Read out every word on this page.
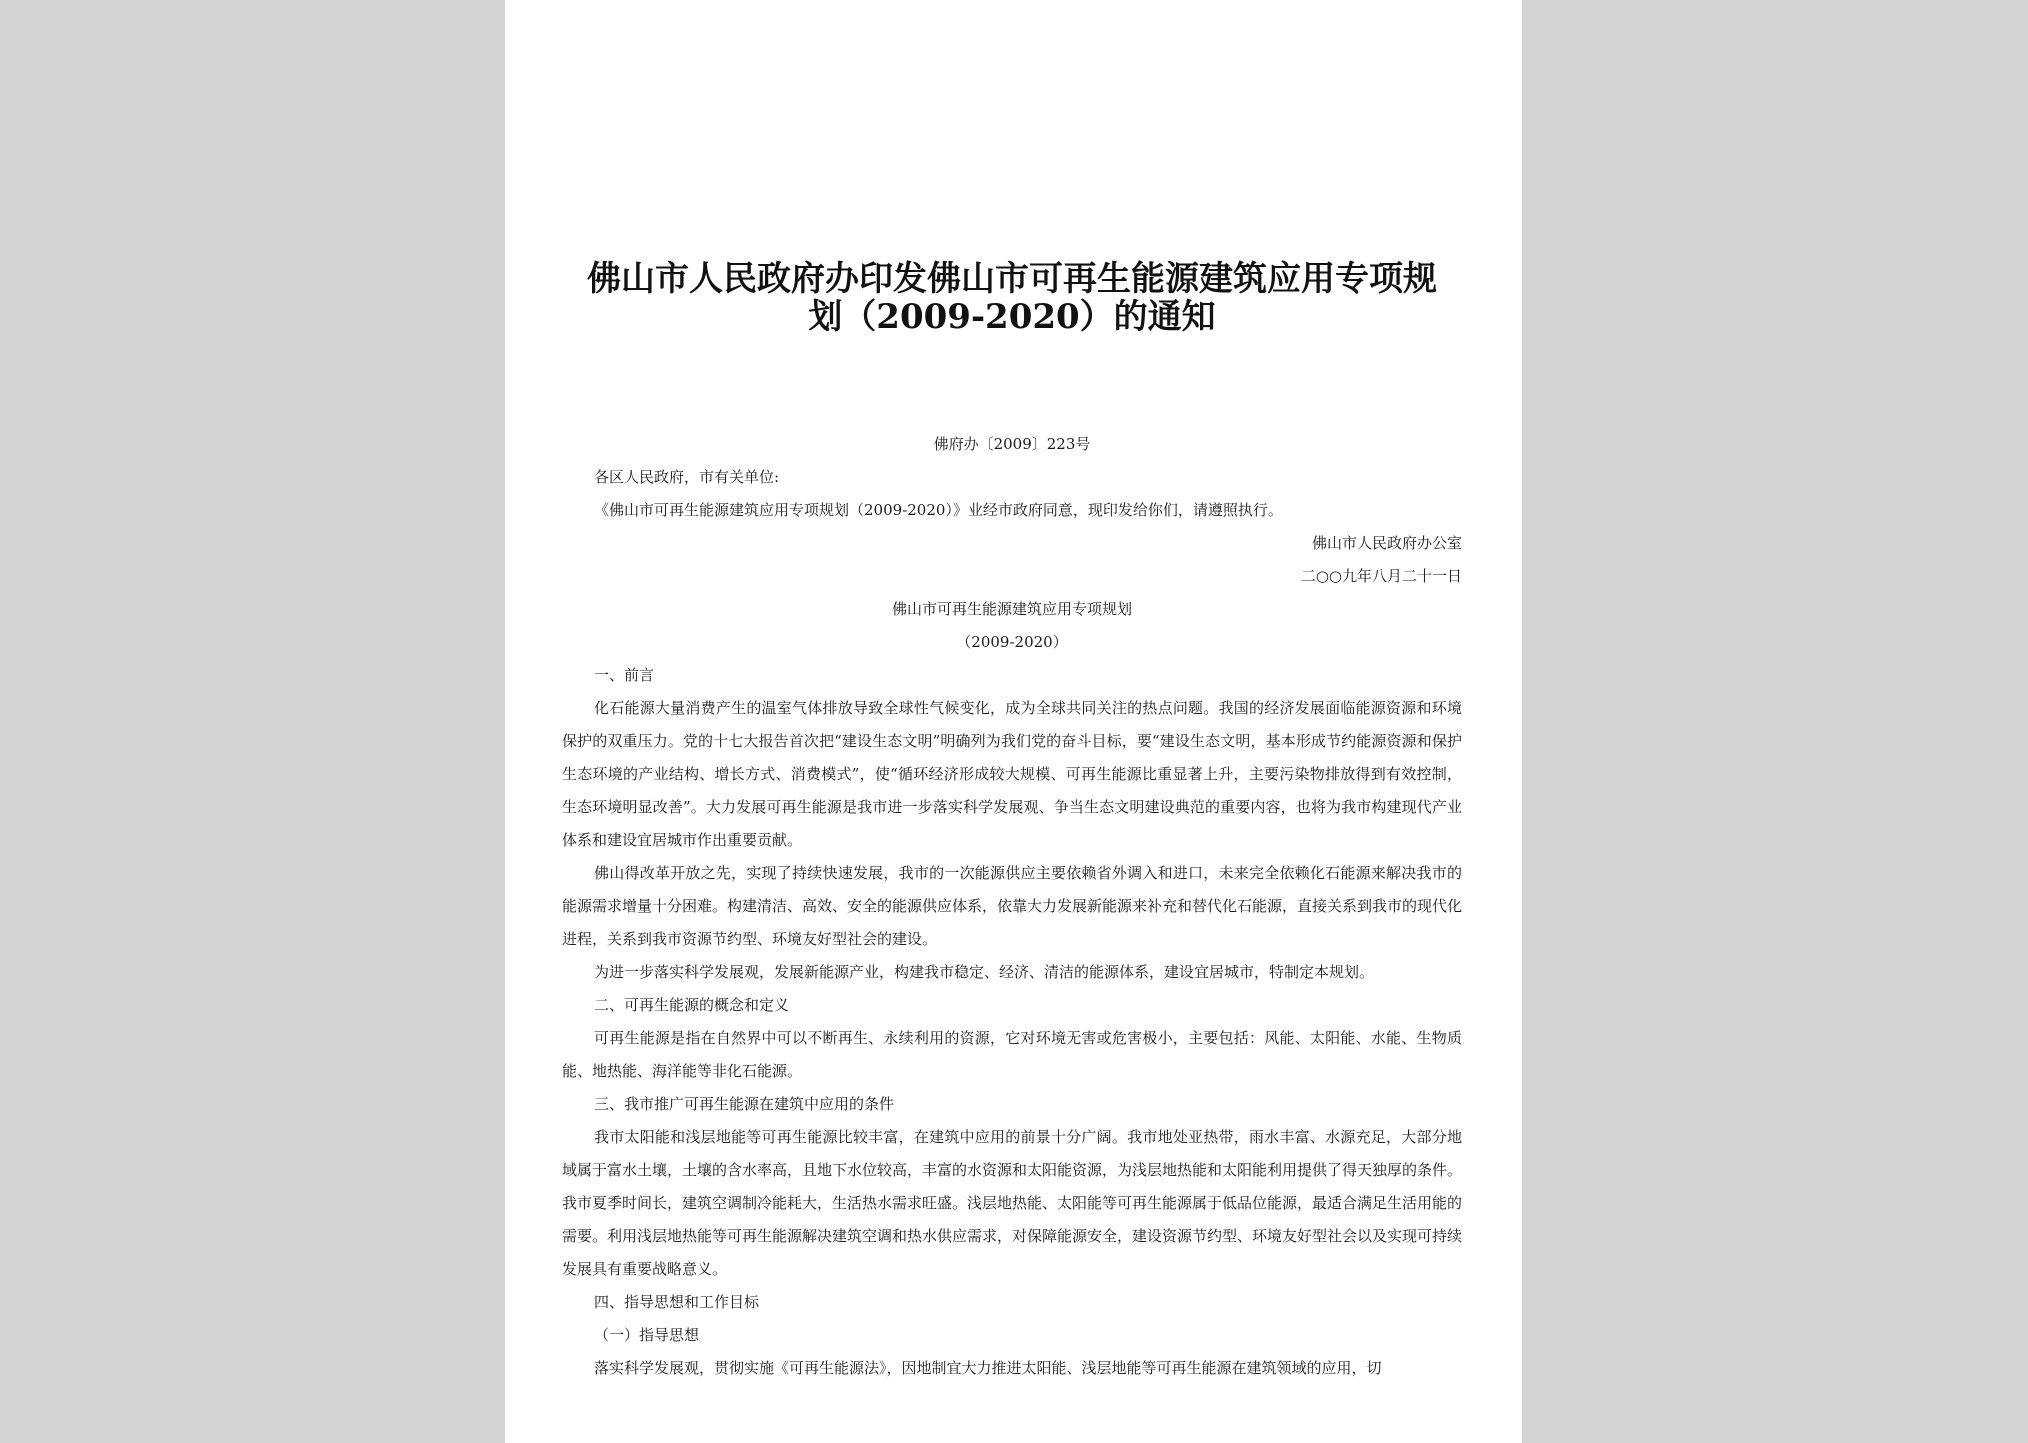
佛山市人民政府办印发佛山市可再生能源建筑应用专项规划（2009-2020）的通知
佛府办〔2009〕223号
各区人民政府，市有关单位:
《佛山市可再生能源建筑应用专项规划（2009-2020）》业经市政府同意，现印发给你们，请遵照执行。
佛山市人民政府办公室
二○○九年八月二十一日
佛山市可再生能源建筑应用专项规划
（2009-2020）
一、前言
化石能源大量消费产生的温室气体排放导致全球性气候变化，成为全球共同关注的热点问题。我国的经济发展面临能源资源和环境保护的双重压力。党的十七大报告首次把“建设生态文明”明确列为我们党的奋斗目标，要“建设生态文明，基本形成节约能源资源和保护生态环境的产业结构、增长方式、消费模式”，使“循环经济形成较大规模、可再生能源比重显著上升，主要污染物排放得到有效控制，生态环境明显改善”。大力发展可再生能源是我市进一步落实科学发展观、争当生态文明建设典范的重要内容，也将为我市构建现代产业体系和建设宜居城市作出重要贡献。
佛山得改革开放之先，实现了持续快速发展，我市的一次能源供应主要依赖省外调入和进口，未来完全依赖化石能源来解决我市的能源需求增量十分困难。构建清洁、高效、安全的能源供应体系，依靠大力发展新能源来补充和替代化石能源，直接关系到我市的现代化进程，关系到我市资源节约型、环境友好型社会的建设。
为进一步落实科学发展观，发展新能源产业，构建我市稳定、经济、清洁的能源体系，建设宜居城市，特制定本规划。
二、可再生能源的概念和定义
可再生能源是指在自然界中可以不断再生、永续利用的资源，它对环境无害或危害极小，主要包括：风能、太阳能、水能、生物质能、地热能、海洋能等非化石能源。
三、我市推广可再生能源在建筑中应用的条件
我市太阳能和浅层地能等可再生能源比较丰富，在建筑中应用的前景十分广阔。我市地处亚热带，雨水丰富、水源充足，大部分地域属于富水土壤，土壤的含水率高，且地下水位较高，丰富的水资源和太阳能资源，为浅层地热能和太阳能利用提供了得天独厚的条件。我市夏季时间长，建筑空调制冷能耗大，生活热水需求旺盛。浅层地热能、太阳能等可再生能源属于低品位能源，最适合满足生活用能的需要。利用浅层地热能等可再生能源解决建筑空调和热水供应需求，对保障能源安全，建设资源节约型、环境友好型社会以及实现可持续发展具有重要战略意义。
四、指导思想和工作目标
（一）指导思想
落实科学发展观，贯彻实施《可再生能源法》，因地制宜大力推进太阳能、浅层地能等可再生能源在建筑领域的应用，切
